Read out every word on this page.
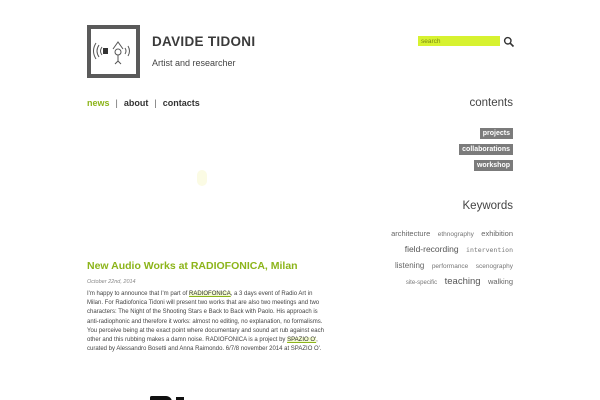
DAVIDE TIDONI
Artist and researcher
search
news | about | contacts	contents
projects
collaborations
workshop
Keywords
architecture ethnography exhibition
field-recording intervention
listening performance scenography
site-specific teaching walking
New Audio Works at RADIOFONICA, Milan
October 22nd, 2014

I'm happy to announce that I'm part of RADIOFONICA, a 3 days event of Radio Art in Milan. For Radiofonica Tidoni will present two works that are also two meetings and two characters: The Night of the Shooting Stars e Back to Back with Paolo. His approach is anti-radiophonic and therefore it works: almost no editing, no explanation, no formalisms. You perceive being at the exact point where documentary and sound art rub against each other and this rubbing makes a damn noise. RADIOFONICA is a project by SPAZIO O', curated by Alessandro Bosetti and Anna Raimondo. 6/7/8 november 2014 at SPAZIO O'.
